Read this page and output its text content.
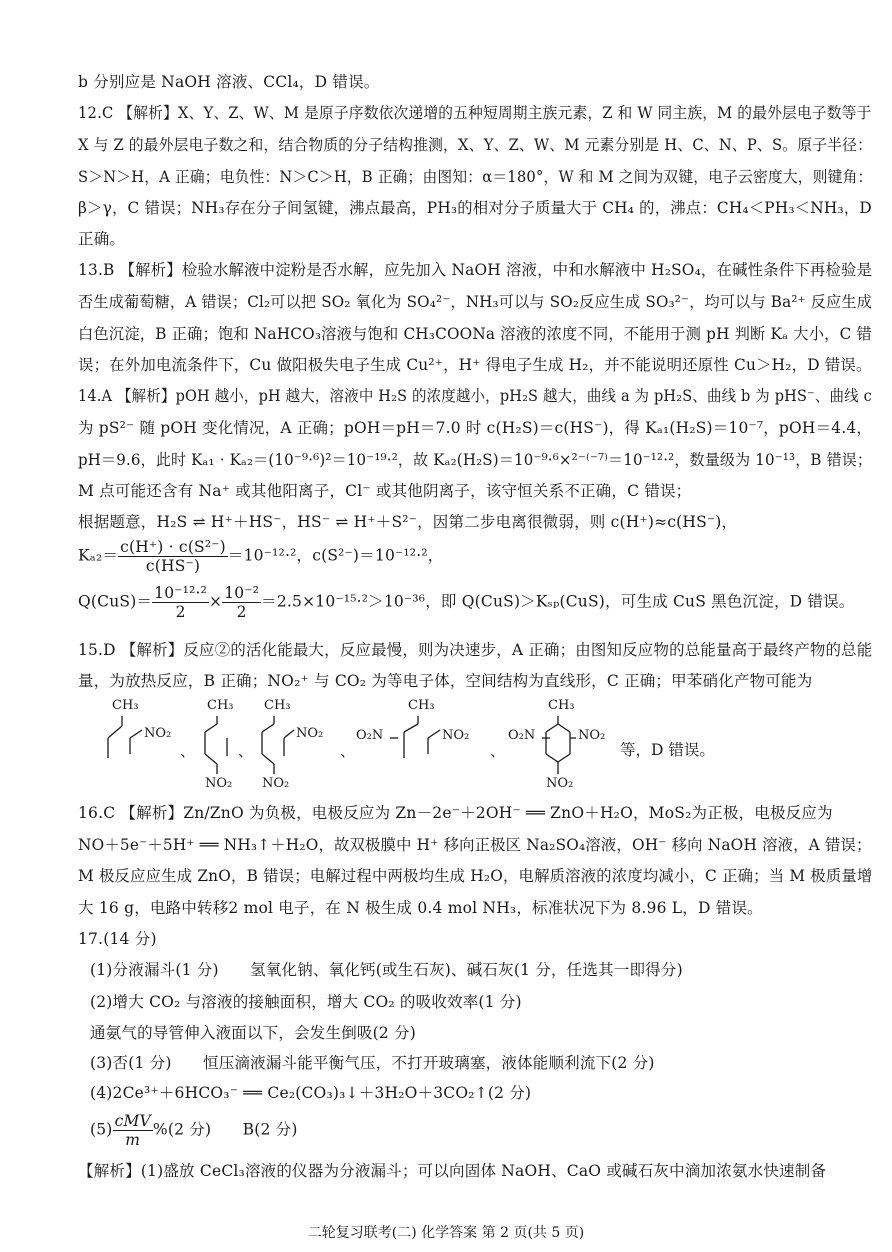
b 分别应是 NaOH 溶液、CCl₄，D 错误。
12.C 【解析】X、Y、Z、W、M 是原子序数依次递增的五种短周期主族元素，Z 和 W 同主族，M 的最外层电子数等于
X 与 Z 的最外层电子数之和，结合物质的分子结构推测，X、Y、Z、W、M 元素分别是 H、C、N、P、S。原子半径：
S＞N＞H，A 正确；电负性：N＞C＞H，B 正确；由图知：α＝180°，W 和 M 之间为双键，电子云密度大，则键角：
β＞γ，C 错误；NH₃存在分子间氢键，沸点最高，PH₃的相对分子质量大于 CH₄ 的，沸点：CH₄＜PH₃＜NH₃，D
正确。
13.B 【解析】检验水解液中淀粉是否水解，应先加入 NaOH 溶液，中和水解液中 H₂SO₄，在碱性条件下再检验是
否生成葡萄糖，A 错误；Cl₂可以把 SO₂ 氧化为 SO₄²⁻，NH₃可以与 SO₂反应生成 SO₃²⁻，均可以与 Ba²⁺ 反应生成
白色沉淀，B 正确；饱和 NaHCO₃溶液与饱和 CH₃COONa 溶液的浓度不同，不能用于测 pH 判断 Kₐ 大小，C 错
误；在外加电流条件下，Cu 做阳极失电子生成 Cu²⁺，H⁺ 得电子生成 H₂，并不能说明还原性 Cu＞H₂，D 错误。
14.A 【解析】pOH 越小，pH 越大，溶液中 H₂S 的浓度越小，pH₂S 越大，曲线 a 为 pH₂S、曲线 b 为 pHS⁻、曲线 c
为 pS²⁻ 随 pOH 变化情况，A 正确；pOH＝pH＝7.0 时 c(H₂S)＝c(HS⁻)，得 Kₐ₁(H₂S)＝10⁻⁷，pOH＝4.4，
pH＝9.6，此时 Kₐ₁ · Kₐ₂＝(10⁻⁹·⁶)²＝10⁻¹⁹·²，故 Kₐ₂(H₂S)＝10⁻⁹·⁶×²⁻⁽⁻⁷⁾＝10⁻¹²·²，数量级为 10⁻¹³，B 错误；
M 点可能还含有 Na⁺ 或其他阳离子，Cl⁻ 或其他阴离子，该守恒关系不正确，C 错误；
根据题意，H₂S ⇌ H⁺＋HS⁻，HS⁻ ⇌ H⁺＋S²⁻，因第二步电离很微弱，则 c(H⁺)≈c(HS⁻)，
$K_{a2}= \frac{\text{c(H⁺) · c(S²⁻)}}{c(HS^-)} =10^{-12}\cdot^2$，c(S²⁻)＝10⁻¹²·²，
$Q(CuS)= \frac{\text{10⁻¹²·²}}{2} \times \frac{\text{10⁻²}}{2} =2.5\times 10^{-15}\cdot^2>10^{-36}$，即 Q(CuS)＞Kₛₚ(CuS)，可生成 CuS 黑色沉淀，D 错误。
15.D 【解析】反应②的活化能最大，反应最慢，则为决速步，A 正确；由图知反应物的总能量高于最终产物的总能
量，为放热反应，B 正确；NO₂⁺ 与 CO₂ 为等电子体，空间结构为直线形，C 正确；甲苯硝化产物可能为
CH₃
NO₂
、
CH₃
NO₂
、
CH₃
NO₂
NO₂
、
O₂N
CH₃
NO₂
、
O₂N
CH₃
NO₂
NO₂
等，D 错误。
16.C 【解析】Zn/ZnO 为负极，电极反应为 Zn－2e⁻＋2OH⁻ ══ ZnO＋H₂O，MoS₂为正极，电极反应为
NO＋5e⁻＋5H⁺ ══ NH₃↑＋H₂O，故双极膜中 H⁺ 移向正极区 Na₂SO₄溶液，OH⁻ 移向 NaOH 溶液，A 错误；
M 极反应应生成 ZnO，B 错误；电解过程中两极均生成 H₂O，电解质溶液的浓度均减小，C 正确；当 M 极质量增
大 16 g，电路中转移2 mol 电子，在 N 极生成 0.4 mol NH₃，标准状况下为 8.96 L，D 错误。
17.(14 分)
(1)分液漏斗(1 分)　　氢氧化钠、氧化钙(或生石灰)、碱石灰(1 分，任选其一即得分)
(2)增大 CO₂ 与溶液的接触面积，增大 CO₂ 的吸收效率(1 分)
通氨气的导管伸入液面以下，会发生倒吸(2 分)
(3)否(1 分)　　恒压滴液漏斗能平衡气压，不打开玻璃塞，液体能顺利流下(2 分)
(4)2Ce³⁺＋6HCO₃⁻ ══ Ce₂(CO₃)₃↓＋3H₂O＋3CO₂↑(2 分)
$(5) \frac{\text{cMV}}{m} \%(2$ 分)　　B(2 分)
【解析】(1)盛放 CeCl₃溶液的仪器为分液漏斗；可以向固体 NaOH、CaO 或碱石灰中滴加浓氨水快速制备
二轮复习联考(二) 化学答案 第 2 页(共 5 页)
